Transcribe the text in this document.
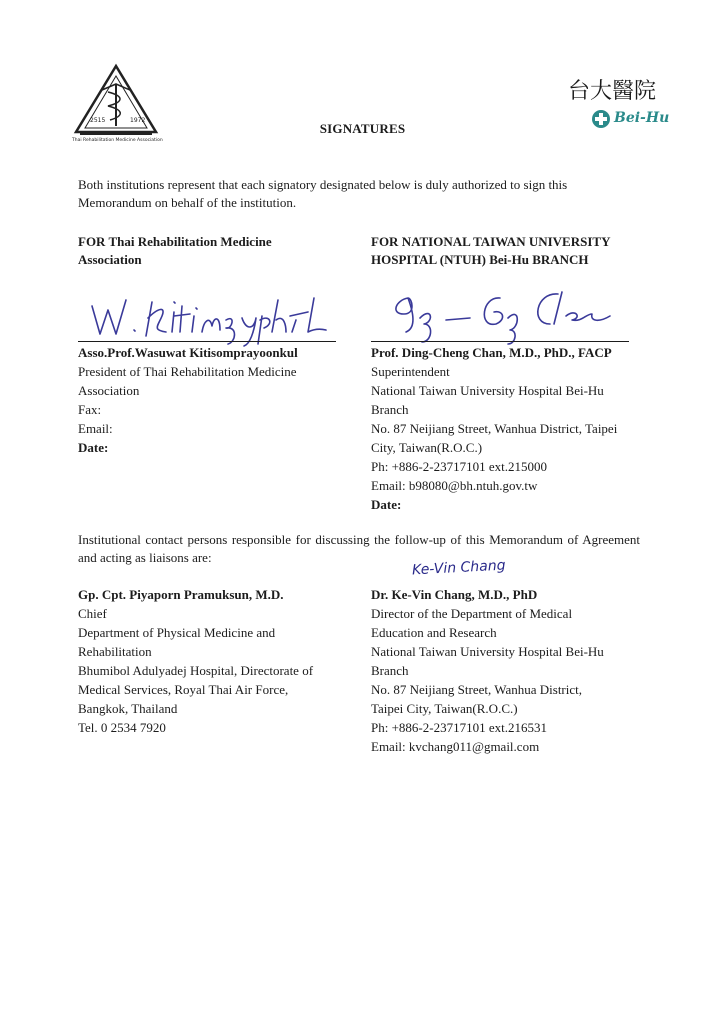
2515	1972
Thai Rehabilitation Medicine Association
台大醫院
Bei-Hu
SIGNATURES
Both institutions represent that each signatory designated below is duly authorized to sign this Memorandum on behalf of the institution.
FOR Thai Rehabilitation Medicine
Association
FOR NATIONAL TAIWAN UNIVERSITY
HOSPITAL (NTUH) Bei-Hu BRANCH
Asso.Prof.Wasuwat Kitisomprayoonkul
President of Thai Rehabilitation Medicine
Association
Fax:
Email:
Date:
Prof. Ding-Cheng Chan, M.D., PhD., FACP
Superintendent
National Taiwan University Hospital Bei-Hu
Branch
No. 87 Neijiang Street, Wanhua District, Taipei
City, Taiwan(R.O.C.)
Ph: +886-2-23717101 ext.215000
Email: b98080@bh.ntuh.gov.tw
Date:
Institutional contact persons responsible for discussing the follow-up of this Memorandum of Agreement and acting as liaisons are:
Ke-Vin Chang
Gp. Cpt. Piyaporn Pramuksun, M.D.
Chief
Department of Physical Medicine and
Rehabilitation
Bhumibol Adulyadej Hospital, Directorate of
Medical Services, Royal Thai Air Force,
Bangkok, Thailand
Tel. 0 2534 7920
Dr. Ke-Vin Chang, M.D., PhD
Director of the Department of Medical
Education and Research
National Taiwan University Hospital Bei-Hu
Branch
No. 87 Neijiang Street, Wanhua District,
Taipei City, Taiwan(R.O.C.)
Ph: +886-2-23717101 ext.216531
Email: kvchang011@gmail.com
